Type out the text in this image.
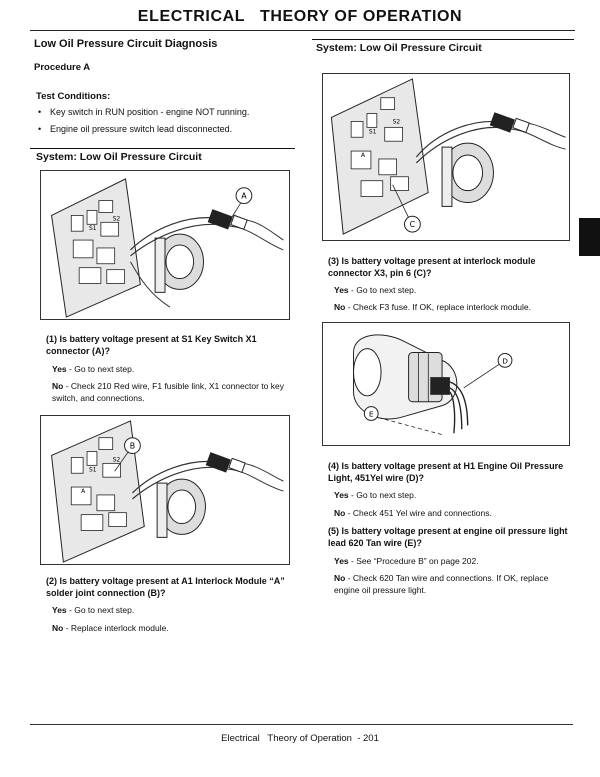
ELECTRICAL   THEORY OF OPERATION
Low Oil Pressure Circuit Diagnosis
Procedure A
Test Conditions:
• Key switch in RUN position - engine NOT running.
• Engine oil pressure switch lead disconnected.
System: Low Oil Pressure Circuit
S1
S2
A
(1) Is battery voltage present at S1 Key Switch X1 connector (A)?
Yes - Go to next step.
No - Check 210 Red wire, F1 fusible link, X1 connector to key switch, and connections.
S1
S2
A
B
(2) Is battery voltage present at A1 Interlock Module “A” solder joint connection (B)?
Yes - Go to next step.
No - Replace interlock module.
System: Low Oil Pressure Circuit
S1
S2
A
C
(3) Is battery voltage present at interlock module connector X3, pin 6 (C)?
Yes - Go to next step.
No - Check F3 fuse. If OK, replace interlock module.
D
E
(4) Is battery voltage present at H1 Engine Oil Pressure Light, 451Yel wire (D)?
Yes - Go to next step.
No - Check 451 Yel wire and connections.
(5) Is battery voltage present at engine oil pressure light lead 620 Tan wire (E)?
Yes - See “Procedure B” on page 202.
No - Check 620 Tan wire and connections. If OK, replace engine oil pressure light.
Electrical   Theory of Operation  - 201
